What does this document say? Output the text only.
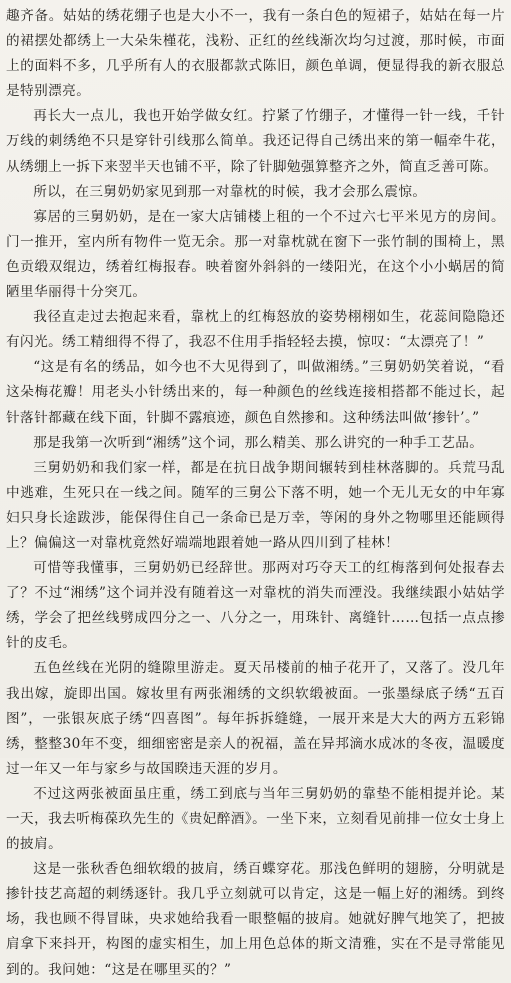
趣齐备。姑姑的绣花绷子也是大小不一，我有一条白色的短裙子，姑姑在每一片的裙摆处都绣上一大朵朱槿花，浅粉、正红的丝线渐次均匀过渡，那时候，市面上的面料不多，几乎所有人的衣服都款式陈旧，颜色单调，便显得我的新衣服总是特别漂亮。

再长大一点儿，我也开始学做女红。拧紧了竹绷子，才懂得一针一线，千针万线的刺绣绝不只是穿针引线那么简单。我还记得自己绣出来的第一幅牵牛花，从绣绷上一拆下来翌半天也铺不平，除了针脚勉强算整齐之外，简直乏善可陈。

所以，在三舅奶奶家见到那一对靠枕的时候，我才会那么震惊。

寡居的三舅奶奶，是在一家大店铺楼上租的一个不过六七平米见方的房间。门一推开，室内所有物件一览无余。那一对靠枕就在窗下一张竹制的围椅上，黑色贡缎双绲边，绣着红梅报春。映着窗外斜斜的一缕阳光，在这个小小蜗居的简陋里华丽得十分突兀。

我径直走过去抱起来看，靠枕上的红梅怒放的姿势栩栩如生，花蕊间隐隐还有闪光。绣工精细得不得了，我忍不住用手指轻轻去摸，惊叹：“太漂亮了！”

“这是有名的绣品，如今也不大见得到了，叫做湘绣。”三舅奶奶笑着说，“看这朵梅花瓣！用老头小针绣出来的，每一种颜色的丝线连接相搭都不能过长，起针落针都藏在线下面，针脚不露痕迹，颜色自然掺和。这种绣法叫做‘掺针’。”

那是我第一次听到“湘绣”这个词，那么精美、那么讲究的一种手工艺品。

三舅奶奶和我们家一样，都是在抗日战争期间辗转到桂林落脚的。兵荒马乱中逃难，生死只在一线之间。随军的三舅公下落不明，她一个无儿无女的中年寡妇只身长途跋涉，能保得住自己一条命已是万幸，等闲的身外之物哪里还能顾得上？偏偏这一对靠枕竟然好端端地跟着她一路从四川到了桂林！

可惜等我懂事，三舅奶奶已经辞世。那两对巧夺天工的红梅落到何处报春去了？不过“湘绣”这个词并没有随着这一对靠枕的消失而湮没。我继续跟小姑姑学绣，学会了把丝线劈成四分之一、八分之一，用珠针、离缝针……包括一点点掺针的皮毛。

五色丝线在光阴的缝隙里游走。夏天吊楼前的柚子花开了，又落了。没几年我出嫁，旋即出国。嫁妆里有两张湘绣的文织软缎被面。一张墨绿底子绣“五百图”，一张银灰底子绣“四喜图”。每年拆拆缝缝，一展开来是大大的两方五彩锦绣，整整30年不变，细细密密是亲人的祝福，盖在异邦滴水成冰的冬夜，温暖度过一年又一年与家乡与故国睽违天涯的岁月。

不过这两张被面虽庄重，绣工到底与当年三舅奶奶的靠垫不能相提并论。某一天，我去听梅葆玖先生的《贵妃醉酒》。一坐下来，立刻看见前排一位女士身上的披肩。

这是一张秋香色细软缎的披肩，绣百蝶穿花。那浅色鲜明的翅膀，分明就是掺针技艺高超的刺绣逐针。我几乎立刻就可以肯定，这是一幅上好的湘绣。到终场，我也顾不得冒昧，央求她给我看一眼整幅的披肩。她就好脾气地笑了，把披肩拿下来抖开，构图的虚实相生，加上用色总体的斯文清雅，实在不是寻常能见到的。我问她：“这是在哪里买的？”
